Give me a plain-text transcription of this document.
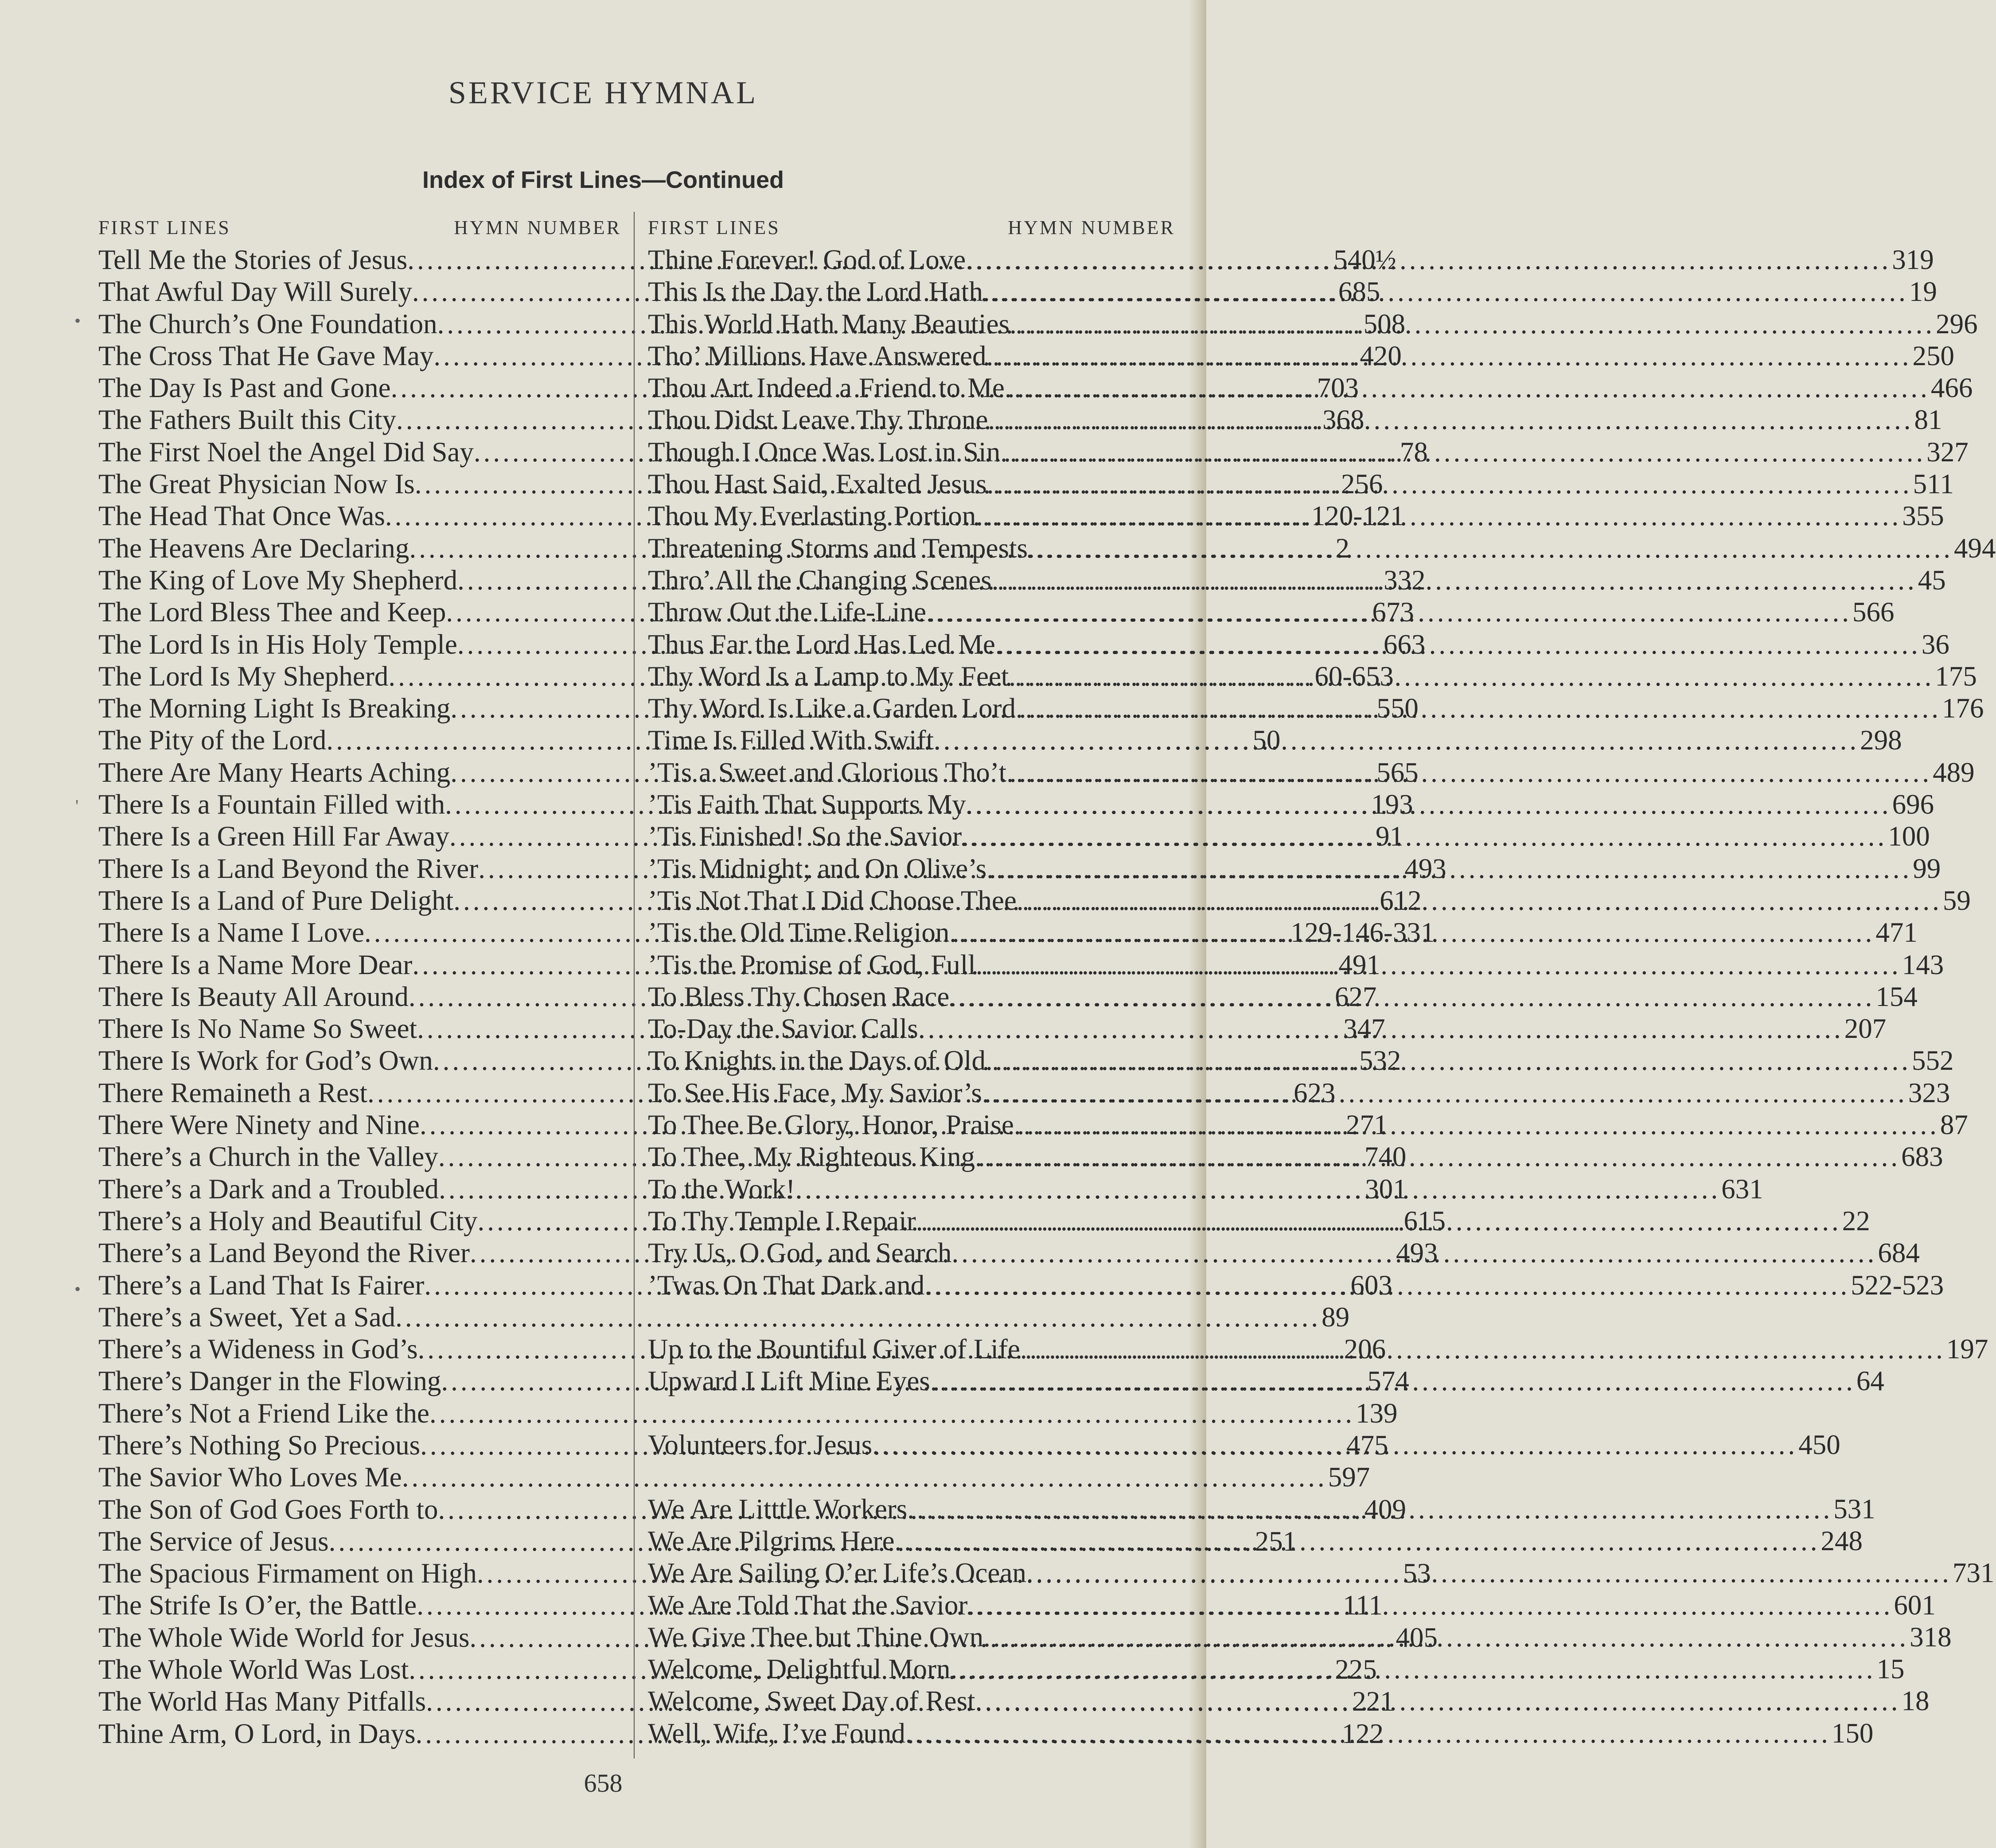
SERVICE HYMNAL
Index of First Lines—Continued
FIRST LINES	HYMN NUMBER
Tell Me the Stories of Jesus .....	540½
That Awful Day Will Surely .....	685
The Church’s One Foundation .....	508
The Cross That He Gave May .....	420
The Day Is Past and Gone .....	703
The Fathers Built this City .....	368
The First Noel the Angel Did Say .....	78
The Great Physician Now Is .....	256
The Head That Once Was .....	120-121
The Heavens Are Declaring .....	2
The King of Love My Shepherd .....	332
The Lord Bless Thee and Keep .....	673
The Lord Is in His Holy Temple .....	663
The Lord Is My Shepherd .....	60-653
The Morning Light Is Breaking .....	550
The Pity of the Lord .....	50
There Are Many Hearts Aching .....	565
There Is a Fountain Filled with .....	193
There Is a Green Hill Far Away .....	91
There Is a Land Beyond the River .....	493
There Is a Land of Pure Delight .....	612
There Is a Name I Love .....	129-146-331
There Is a Name More Dear .....	491
There Is Beauty All Around .....	627
There Is No Name So Sweet .....	347
There Is Work for God’s Own .....	532
There Remaineth a Rest .....	623
There Were Ninety and Nine .....	271
There’s a Church in the Valley .....	740
There’s a Dark and a Troubled .....	301
There’s a Holy and Beautiful City .....	615
There’s a Land Beyond the River .....	493
There’s a Land That Is Fairer .....	603
There’s a Sweet, Yet a Sad .....	89
There’s a Wideness in God’s .....	206
There’s Danger in the Flowing .....	574
There’s Not a Friend Like the .....	139
There’s Nothing So Precious .....	475
The Savior Who Loves Me .....	597
The Son of God Goes Forth to .....	409
The Service of Jesus .....	251
The Spacious Firmament on High .....	53
The Strife Is O’er, the Battle .....	111
The Whole Wide World for Jesus .....	405
The Whole World Was Lost .....	225
The World Has Many Pitfalls .....	221
Thine Arm, O Lord, in Days .....	122
FIRST LINES	HYMN NUMBER
Thine Forever! God of Love .....	319
This Is the Day the Lord Hath .....	19
This World Hath Many Beauties .....	296
Tho’ Millions Have Answered .....	250
Thou Art Indeed a Friend to Me .....	466
Thou Didst Leave Thy Throne .....	81
Though I Once Was Lost in Sin .....	327
Thou Hast Said, Exalted Jesus .....	511
Thou My Everlasting Portion .....	355
Threatening Storms and Tempests .....	494
Thro’ All the Changing Scenes .....	45
Throw Out the Life-Line .....	566
Thus Far the Lord Has Led Me .....	36
Thy Word Is a Lamp to My Feet .....	175
Thy Word Is Like a Garden Lord .....	176
Time Is Filled With Swift .....	298
’Tis a Sweet and Glorious Tho’t .....	489
’Tis Faith That Supports My .....	696
’Tis Finished! So the Savior .....	100
’Tis Midnight; and On Olive’s .....	99
’Tis Not That I Did Choose Thee .....	59
’Tis the Old Time Religion .....	471
’Tis the Promise of God, Full .....	143
To Bless Thy Chosen Race .....	154
To-Day the Savior Calls .....	207
To Knights in the Days of Old .....	552
To See His Face, My Savior’s .....	323
To Thee Be Glory, Honor, Praise .....	87
To Thee, My Righteous King .....	683
To the Work! .....	631
To Thy Temple I Repair .....	22
Try Us, O God, and Search .....	684
’Twas On That Dark and .....	522-523
Up to the Bountiful Giver of Life .....	197
Upward I Lift Mine Eyes .....	64
Volunteers for Jesus .....	450
We Are Litttle Workers .....	531
We Are Pilgrims Here .....	248
We Are Sailing O’er Life’s Ocean .....	731
We Are Told That the Savior .....	601
We Give Thee but Thine Own .....	318
Welcome, Delightful Morn .....	15
Welcome, Sweet Day of Rest .....	18
Well, Wife, I’ve Found .....	150
658
•
'
•
